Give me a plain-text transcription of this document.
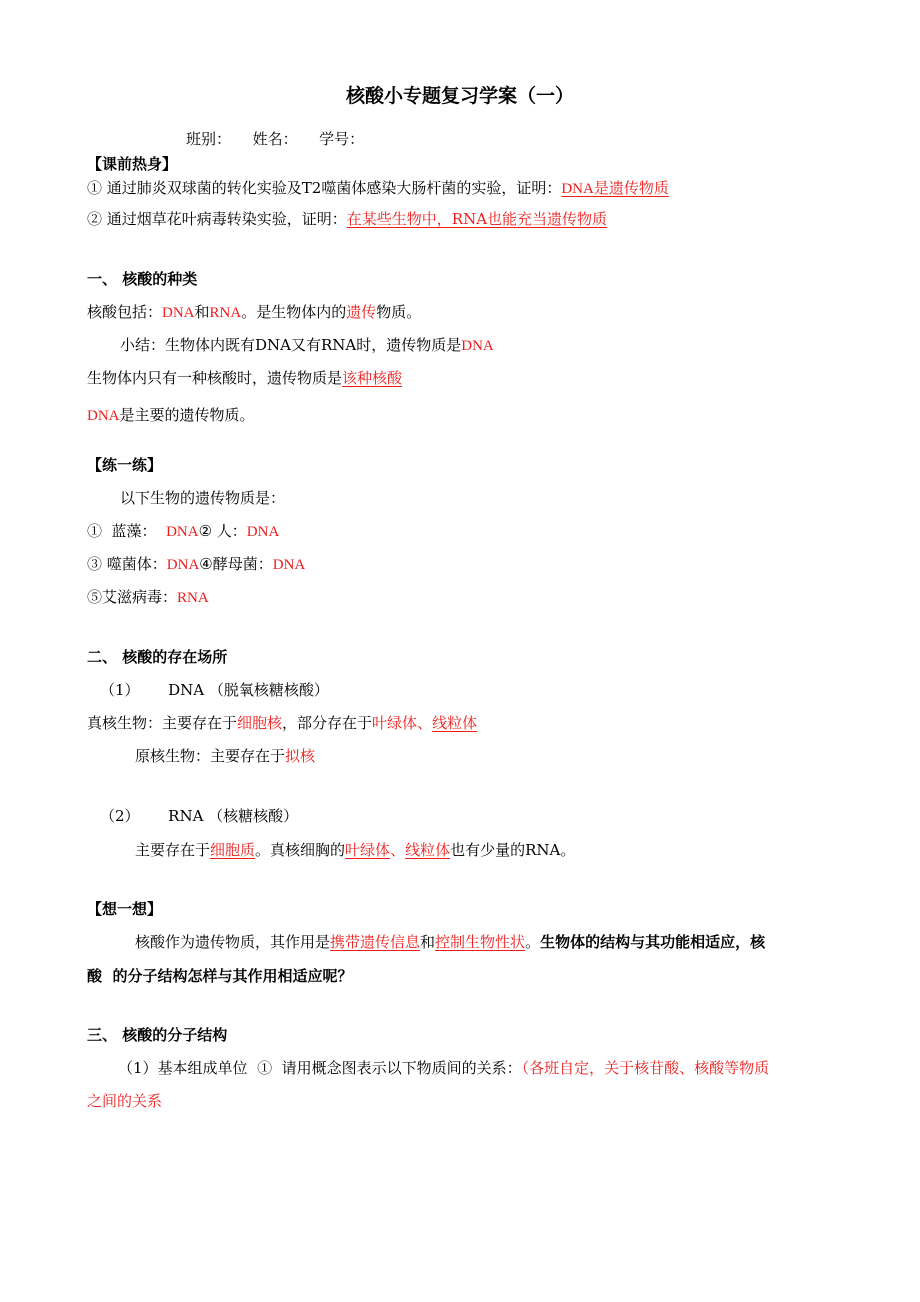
核酸小专题复习学案（一）
班别： 姓名： 学号：
【课前热身】
① 通过肺炎双球菌的转化实验及T2噬菌体感染大肠杆菌的实验，证明：DNA是遗传物质
② 通过烟草花叶病毒转染实验，证明：在某些生物中，RNA也能充当遗传物质
一、 核酸的种类
核酸包括：DNA和RNA。是生物体内的遗传物质。
小结：生物体内既有DNA又有RNA时，遗传物质是DNA
生物体内只有一种核酸时，遗传物质是该种核酸
DNA是主要的遗传物质。
【练一练】
以下生物的遗传物质是：
①  蓝藻：  DNA② 人：DNA
③ 噬菌体：DNA④酵母菌：DNA
⑤艾滋病毒：RNA
二、 核酸的存在场所
（1）      DNA （脱氧核糖核酸）
真核生物：主要存在于细胞核，部分存在于叶绿体、线粒体
原核生物：主要存在于拟核
（2）      RNA （核糖核酸）
主要存在于细胞质。真核细胸的叶绿体、线粒体也有少量的RNA。
【想一想】
核酸作为遗传物质，其作用是携带遗传信息和控制生物性状。生物体的结构与其功能相适应，核
酸  的分子结构怎样与其作用相适应呢？
三、 核酸的分子结构
（1）基本组成单位  ①  请用概念图表示以下物质间的关系：（各班自定，关于核苷酸、核酸等物质
之间的关系
